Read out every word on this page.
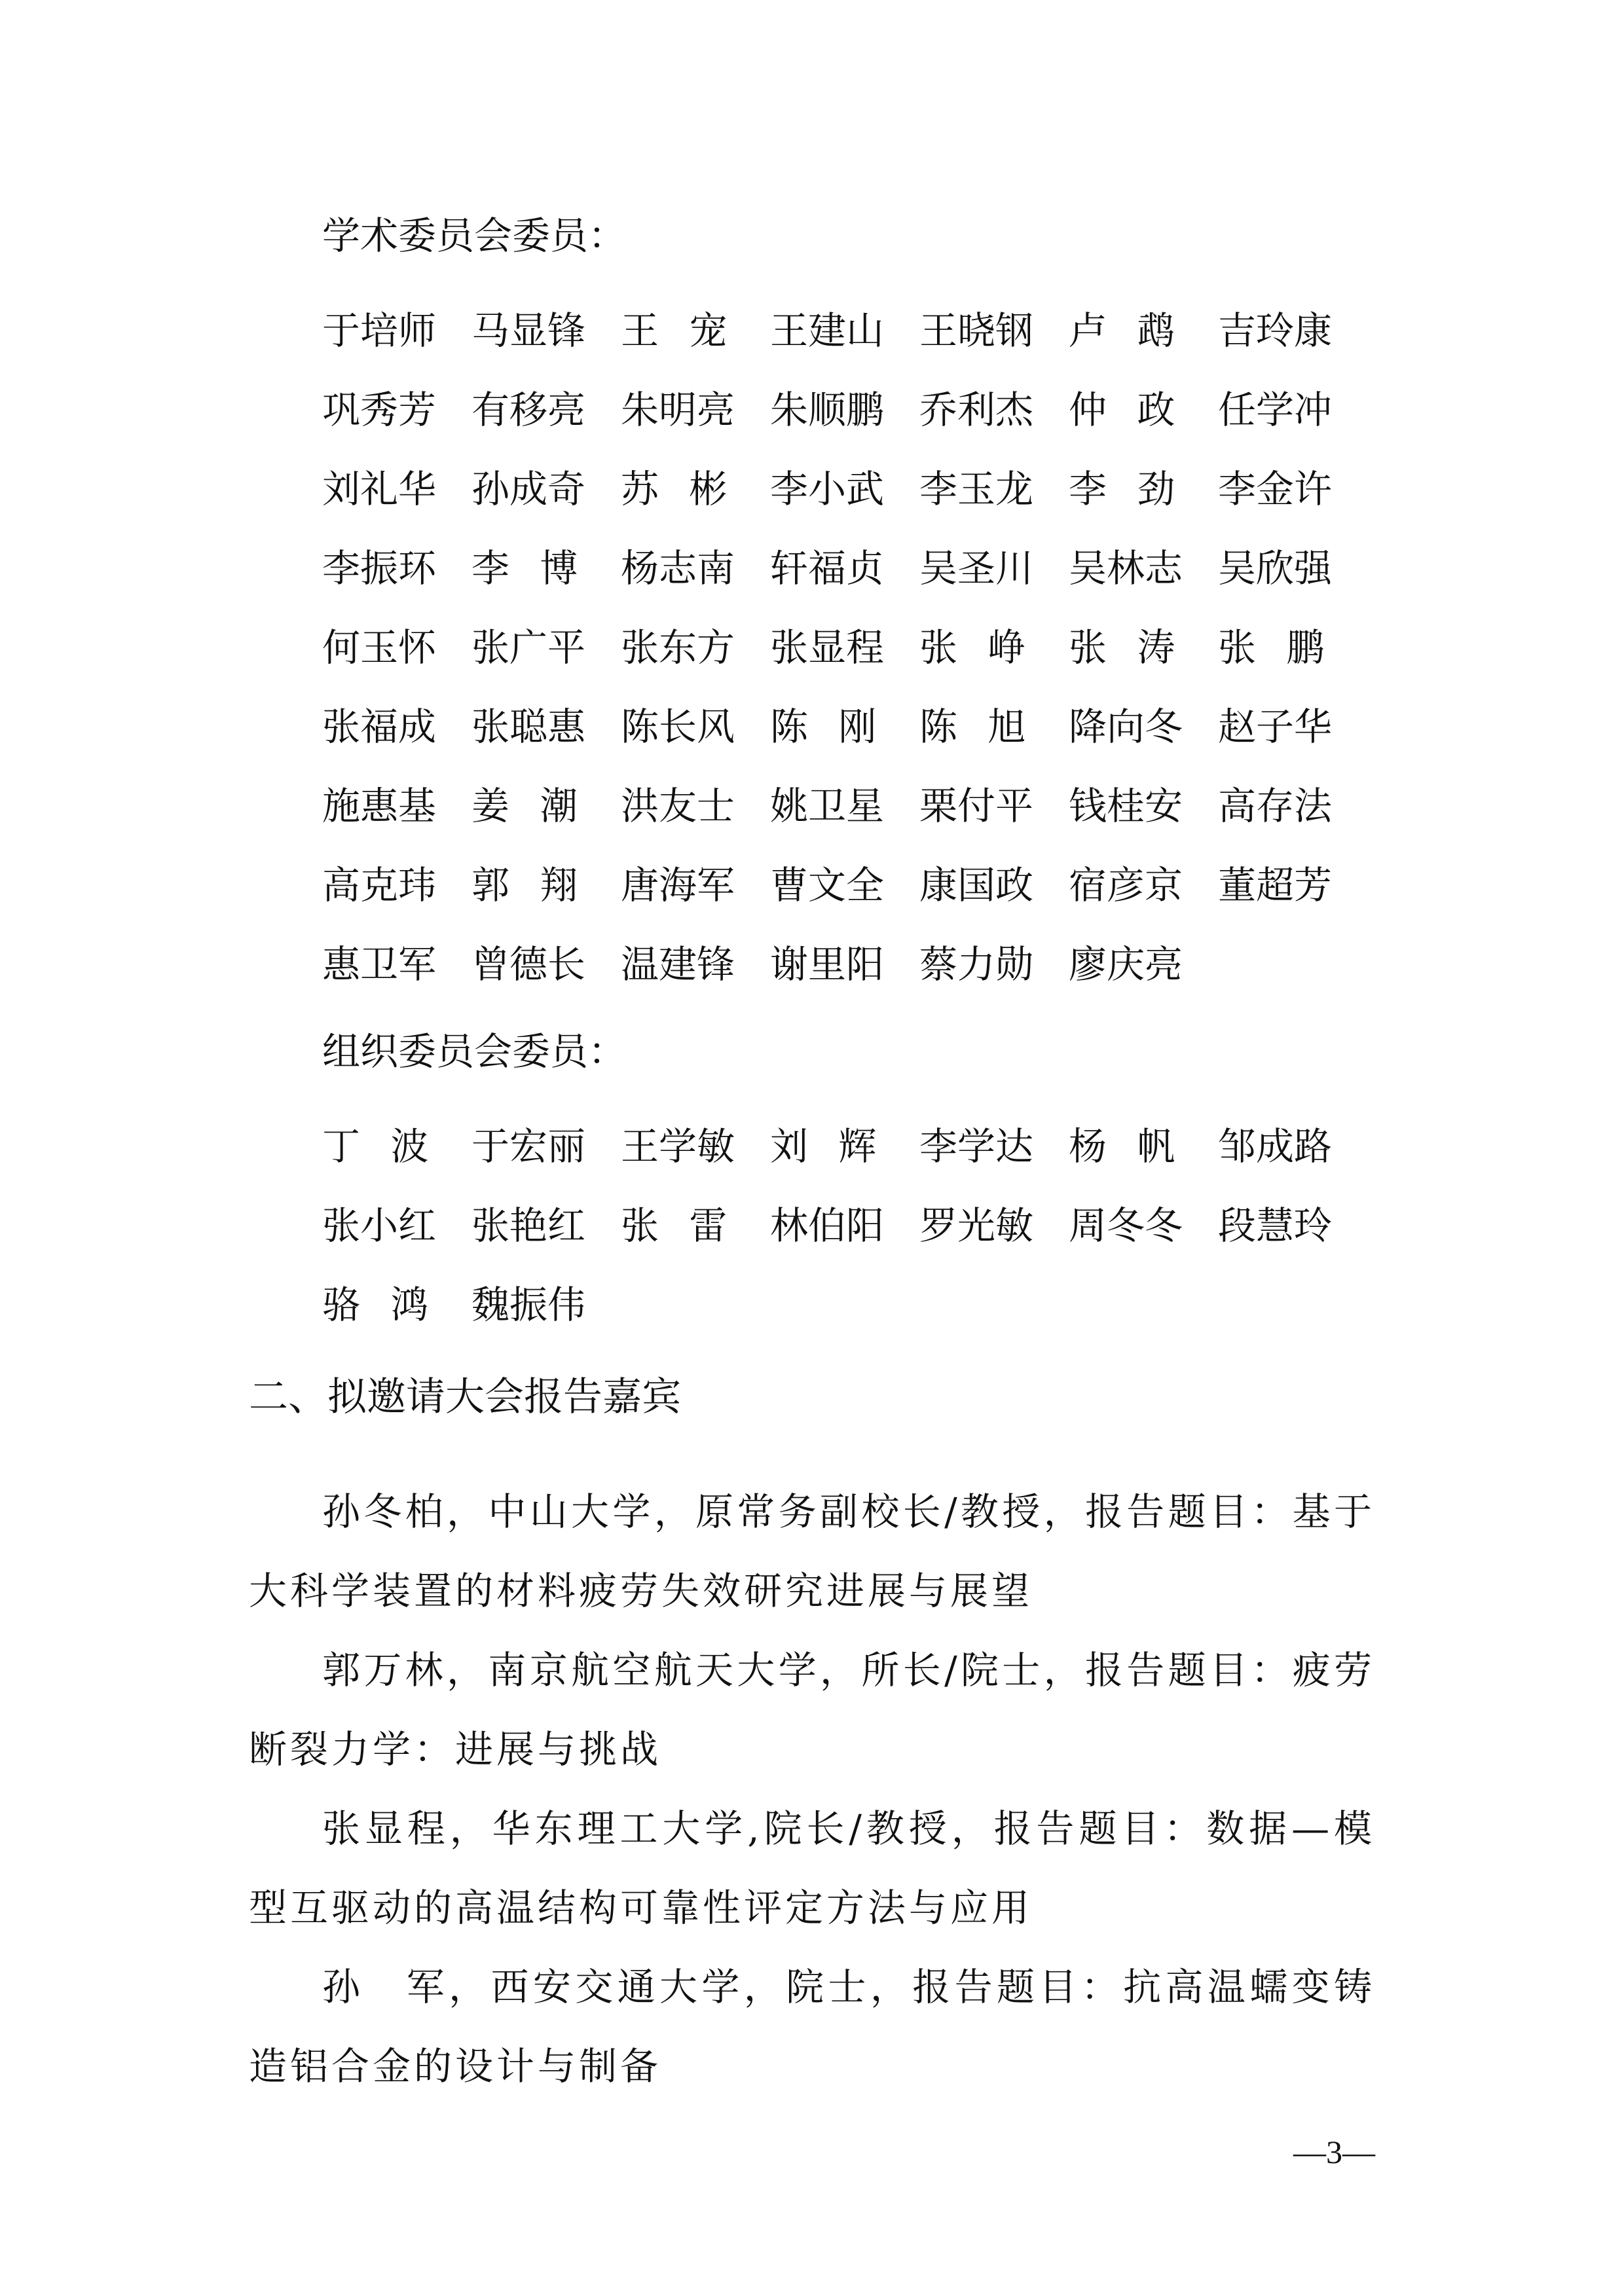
学术委员会委员：
于培师 马显锋 王 宠	王建山 王晓钢 卢 鹉	吉玲康
巩秀芳 有移亮 朱明亮 朱顺鹏 乔利杰 仲 政	任学冲
刘礼华 孙成奇 苏 彬	李小武 李玉龙 李 劲	李金许
李振环 李 博	杨志南 轩福贞 吴圣川 吴林志 吴欣强
何玉怀 张广平 张东方 张显程 张 峥	张 涛	张 鹏
张福成 张聪惠 陈长风 陈 刚	陈 旭	降向冬 赵子华
施惠基 姜 潮	洪友士 姚卫星 栗付平 钱桂安 高存法
高克玮 郭 翔	唐海军 曹文全 康国政 宿彦京 董超芳
惠卫军 曾德长 温建锋 谢里阳 蔡力勋 廖庆亮
组织委员会委员：
丁 波	于宏丽 王学敏 刘 辉	李学达 杨 帆	邹成路
张小红 张艳红 张 雷	林伯阳 罗光敏 周冬冬 段慧玲
骆 鸿	魏振伟
二、拟邀请大会报告嘉宾

孙冬柏，中山大学，原常务副校长/教授，报告题目：基于大科学装置的材料疲劳失效研究进展与展望

郭万林，南京航空航天大学，所长/院士，报告题目：疲劳断裂力学：进展与挑战

张显程，华东理工大学,院长/教授，报告题目：数据—模型互驱动的高温结构可靠性评定方法与应用

孙　军，西安交通大学，院士，报告题目：抗高温蠕变铸造铝合金的设计与制备

—3—
